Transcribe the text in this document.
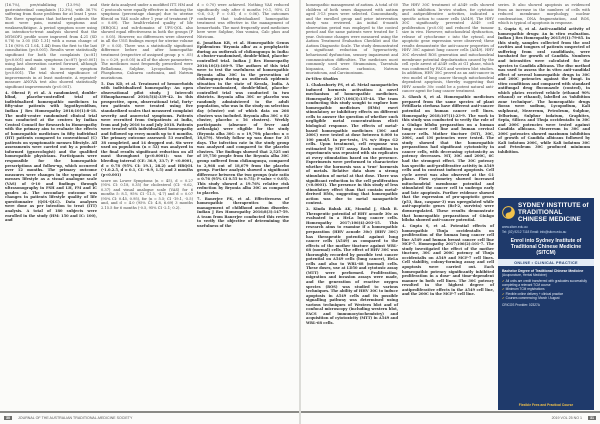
(16.7%), pre/stabilizing (13.9%) and gastrointestinal complaints (12.3%), with 36.7% suffering from those problems for at least 1 year. The three symptoms that bothered patients the most were pain, mental symptoms and weakness/fatigue. A period symptom score using an intention-to-treat analysis showed that the MYMOP2 profile score improved from 4.21 (SD 0.78) to 3.05 (SD 1.31) with a mean change of 1.16 (95% CI 1.04, 1.44) from the first to the last consultation (p<0.001). Results were statistically significant for both the complaints (n=81) (p<0.001) and main symptoms (n=87) (p<0.001) using last observation carried forward, although complaints did not to increase symptom (p<0.001). The trial showed significance of improvements in at least moderate. A repeated-measure ANOVA test also showed statistically significant improvements (p<0.001).

4. Oberai P, et al. A randomized, double-blind, placebo-controlled trial of individualized homeopathic medicines in fifty-nine patients with hypothyroidism, Indian J Res Homeopathy 2016;10(1):8-18. The multi-centre randomised clinical trial was conducted at the centres by Indian Central Council for Research in Homeopathy with the primary aim to evaluate the effects of homeopathic medicines in fifty individual (HT) patients compared to conventional (C) patients on symptomatic menses lifestyle. All assessments were carried out by a product-informed (gynecologist) and the qualified homeopathic physicians. Participants were responsible for the homeopathic prescriptions and follow-up, which occurred over 12 months. The primary outcome measures were changes in the symptoms of menses lifestyle as a visual analogue scale (VAS) of 0-10 and findings through ultrasonography in FSH and LH, FM and IC grades at. The secondary outcome was changes in patients lifestyle quality of life questionnaire (QOL-QLC). Data analyses were done as per intention to treat (ITT) analysis. A total of 180 subjects were enrolled in the study (HM: 150 and IC: 100), and

their data analysed under a modified ITT. HM and C protocols were equally effective in reducing the symptoms (percentage change) due to uterine fibroid on VAS scale after 1 year of treatment (P = 0.69). The health-related quality of life (HRQOL) and sub-domains of UFS-QOL also showed equal effectiveness in both the groups (P = 0.05). However, no differences were observed in all the USG findings except for uterine volume (P = 0.03). There was a statistically significant difference before and after homeopathic treatment (respective of assigned group: p < .05) (n = 0.29, p=0.05) in all of the above parameters. The medicines most frequently prescribed were Belladonna, Sulphur, Lycopodium, Sepia, Phosphorus, Calcarea carbonica, and Natrum muriaticum.

5. Das KD, et al. Treatment of hemorrhoids with individualized homeopathy: An open observational pilot study. J Intercult Ethnopharmacol 2016;5(4):339-42. In this prospective, open, observational trial, forty-two patients were treated using five standardized scales that measured complaint severity and anorectal symptoms. Patients were recruited from Outpatients at India, from and July 2016 to and July 2018. Patients were treated with individualized homeopathy and followed up every month up to 6 months. The primary outcome assessed: 53 enrolled, 38 completed, and 14 dropped out. Six were used on population (n = 52) was analyzed in the final results significant reduction on all most throughout (p<0.0001): was for bleeding interval (CE: 36.9, 33.7; P <0.0001, d = 0.78 (95% CI: 19.1, 28.2) and HRQOL (-1.0.2.5, d = 0.1, CI: -0.9, 1.5) and 3 months (p<0.001)

score on Lower Symptoms (n = 45), d = 0.27 (95% CI: 0.18, 0.35) for cholesterol (CI: -0.62, 0.37) and visual analogue scale (VAS) for 6 months 5: 8.1, 95% CI -11.5, -4.7) and d = 0.07 (95% CI: 0.45, 0.95), for (n = 5.5; CI -19.1, -5.5) and, and d = 4.0 (95% CI: 4.8, 6.69) 3 months 2.15.5 for 6 months (-0.5, 95% CI -2.1; 0.2).

d = 0.70) were achieved. Nothing VAS reduced significantly only after 6 months (-0.1, 95% CI -0.6, 0.3; P = 0.81; d = 0.06). The outcomes confirmed that individualized homeopathic treatment was effective in the management of hemorrhoids. The most frequently used medicines here were Sulphur, Nux vomica, Calc phos and Nitricum.

6. Jonathan KR, et al. Homeopathic Genus Epidemicus 'Bryonia alba' as a prophylactic during an outbreak of chikungunya in India: A cluster-randomised, double-blind, placebo-controlled trial. Indian J Res Homeopathy 2016;10(3):160-9. The authors of this trial were to test the usefulness of homeopathic Bryonia alba 30C in the prevention of chikungunya during an outbreak epidemic situation in the state of Kerala, India. A cluster-randomized, double-blind, placebo-controlled trial was conducted in two districts. Bryonia alba 30C or placebo was randomly administered to the adult population, who was in the study on selection day (cluster) out of which data on 266 clusters was included. Bryonia alba 30C = 82 cluster, placebo = 56 clusters). Weekly participants (absence of fever and arthralgia) were eligible for the study (Bryonia alba 30C: n = 19,798; placebo: n = 18,679). Weekly follow up was done for 35 days. The infection rate in the study group was analysed and compared to the placebo clusters. The findings showed that 2,525 out of 19,750 people from the Bryonia alba 30C group suffered from chikungunya, compared to 2,968 out of 18,679 from the placebo group. Further analysis showed a significant difference between the two groups (rate ratio = 0.76 (95% CI 0.55 to 0.75); P value < 0.05). This study showed a 19.76% relative risk reduction by Bryonia alba 30C as compared to placebo.

7. Banerjee PK, et al. Effectiveness of homeopathic therapeutics in the management of childhood autism disorder. Indian J Res Homeopathy 2016;8(3):147-59. A team from Banerjee conducted this review to verify the objective of determining the usefulness of the

homeopathic management of autism. A total of 60 children of both sexes diagnosed with autism aged 3-13 years were selected. Concomitantly, and the enrolled group and prior intervention study was reviewed. An initial 6-month observation period was employed to the control period and the same patients were treated for 1 year. Outcome changes were measured using the Autism Treatment Evaluation Checklist and the Autism Diagnostic Scale. The study demonstrated a significant reduction of hyperactivity, behavioural dysfunction, sensory impairment and communication difficulties. The medicines most commonly used were Stramonium, Tarentula hispanica, Calcarea carbonica, Natrum muriaticum, and Carcinosinum.

In-Vitro Studies

1. Chakraborty PS, et al. Metal nanoparticles induced hormesis activation: A novel mechanism of homeopathic medicines. Homeopathy 2017;106(3):135-44. The team conducting this study sought to explore how homeopathic medicines (HMs) exert stimulatory or inhibitory effects on different cells to answer the question of whether such negligible metal concentrations elicit biological response. The effects of metal-based homeopathic medicines (30C and 200C) were tested at dose between 0.000 to 100 pmol/l. In pre-tests, 1% w/v Hepa G2 cells. Upon treatment, cell response was estimated by MTT assay. Each condition in experiments was repeated with six replicates at every stimulation based on the presence. Experiments were performed to characterize whether the hormesis was a 'true' hormesis of metals. Relative data show a strong stimulation of metal at that dose. There was significant reduction in the cell proliferation (<0.0001). The presence in this study of less stimulatory effect than that contain metal-derived HMs, suggesting that homeopathic action was due to metal nanoparticle content.

2. Kinda Babak AK, Mondal J, Shah R. Therapeutic potential of HHV acnode 30c as evaluated in a HeLa lung cancer cells. Homeopathy 2017;106(4):203-15. This research aims to examine if a homeopathic preparation (HHV acnode 30c) (HHV 30C) has therapeutic potential against lung cancer cells (A549) as compared to the effects of the mother tincture against WRL-68 (normal) cells. The effect of HHV 30C was thoroughly recorded by possible test cancer potential on A549 cells (lung cancer), HeLa cells and also to WRL-68 (normal) cells. These doses, use at LD50 and cytotoxic assay (MTT) were performed. Proliferation, migration and invasion assays were made, and the generation of reactive oxygen species (ROS) was studied to various techniques. The ability of HHV 30C to induce apoptosis in A549 cells and its possible signalling pathway was determined using various techniques of Western blot and of confocal microscopy (including western blot, FACS and immunocytochemistry) and acquisition of cytotoxicity (MTT) in A549 and WRL-68 cells.

The HHV 30C treatment of A549 cells showed growth inhibition. In-vivo studies, for cytotoxic and antiproliferative activities, indicated a specific action to cancer cells (A549). The HHV 30C significantly prevented A549 cell proliferation (p<0.05) and reduced the tumour size in vivo. However, mitochondrial dysfunction, release of cytochrome c into the cytosol, and apoptotic gene expression were observed; these results demonstrate the anti-cancer properties of HHV 30C against lung cancer cells (A549). HHV 30C elevated ROS generation and mitochondrial membrane potential depolarization caused by the cell cycle arrest of A549 cells at G1 phase, which was confirmed by FACS and western blot studies. In addition, HHV 30C proved as an anti-cancer in vivo model of lung cancer through mitochondrial dependent apoptosis, thereby suggesting that HHV acnode 30c could be a potent natural anti-cancer agent for lung cancer treatment.

3. Ghosh S, et al. Homeopathic medicines prepared from the same species of plant Fritillaria cirrhosa have different anti-cancer potential on human cancer cell lines. Homeopathy 2018;107(1):23-9. The work in this study was conducted to verify the role of a Ginkgo biloba preparation on a human lung cancer cell line and human cervical cancer cells. Mother tincture (MT), 30C, 200C, and 1M potencies were tested. The study showed that the homeopathic preparations had significant cytotoxicity in cancer cells, with decreasing cytotoxicity as potency decreases. MT, 30C and 200C, 6C had the strongest effect. The 30C potency has specific anti-proliferative activity in A549 cells and in contrast induced apoptosis. Cell cycle arrest was also observed at the G1 phase. Flow cytometry showed increased mitochondrial membrane potential and stimulated the cancer cell to undergo early and late apoptosis. Further evidence showed that the expression of pro-apoptotic genes (p53, Bax, caspase-3) was upregulated while anti-apoptotic genes (Bcl-2, survivin) were downregulated. These results demonstrate that homeopathic preparations of Ginkgo biloba showed anti-cancer potential.

4. Gupta S, et al. Potential effects of homeopathic Thuja occidentalis on proliferation of the human lung cancer cell line A549 and human breast cancer cell line MCF-7. Homeopathy 2017;106(2):101-7. The study investigated the effect of the mother tincture, 30C and 200C potency of Thuja occidentalis on A549 and MCF-7 cell lines. Cell viability, colony-forming assay and cell apoptosis were carried out. Each homeopathic potency significantly inhibited proliferation in a dose- and time-dependent manner in both cell lines. The 30C potency resulted in the highest degree of antiproliferative effects in the A549 cell line, and the 200C in the MCF-7 cell line.

series. It also showed apoptosis as evidenced from an increase in the numbers of cells with reduced membrane morphology, nuclear condensation, DNA fragmentation, and ROS, which is typical of apoptosis in response.

5. Gupta S, et al. Anti-candidal activity of homeopathic drugs: An in vitro evaluation. Indian J Res Homeopathy 2015;9(1):79-85. In this study, samples collected from the oral cavities and tongues of patients suspected of suffering from oral candidiasis, were incubated for growth of Candida. Numbers and intensities were calculated for the species to Candida albicans. The disc method was used to assess the in vitro anti-candidal effect of several homeopathic drugs in 30C and 200C potencies against the fungi. In vitro conditions and compared with standard antifungal drug fluconazole (control), in which plates received vehicle (ethanol 90% ethanol) or ethanol), labelled as 'inhibition zone technique'. The homeopathic drugs Borax were sodium, Lycopodium, Kali sulphurat, Mezereum, Petroleum, Sulphur, Tellurium, Sulphur iodatum, Graphites, Sepia, Silicea and Thuja occidentalis in 30C and 200C potencies were tested against Candida albicans. Mezereum in 30C and 200C potencies showed maximum inhibition of growth of Candida albicans followed by Kali iodatum 200C, while Kali iodatum 30C and Petroleum 30C produced minimum inhibition.

SYDNEY INSTITUTE of TRADITIONAL CHINESE MEDICINE
www.sitcm.edu.au
Tel: (02) 9212 7118 Email: info@sitcm.edu.au
Enrol into Sydney Institute of Traditional Chinese Medicine (SITCM)
ONLINE • CLINICAL PRACTICE
Bachelor Degree of Traditional Chinese Medicine
(Acupuncture, Herbal Medicine)
✔All units are credit transferred with graduates successfully completing a relevant TCM course
✔Minimum TCM registrations
✔Flexible online delivery + clinical practice
✔Courses commencing: March / August
CRICOS Provider: 02327A
Flexible Fees and Practical Course
30	JOURNAL OF THE AUSTRALIAN TRADITIONAL-MEDICINE SOCIETY	2019 VOL 25 NO 1	31
